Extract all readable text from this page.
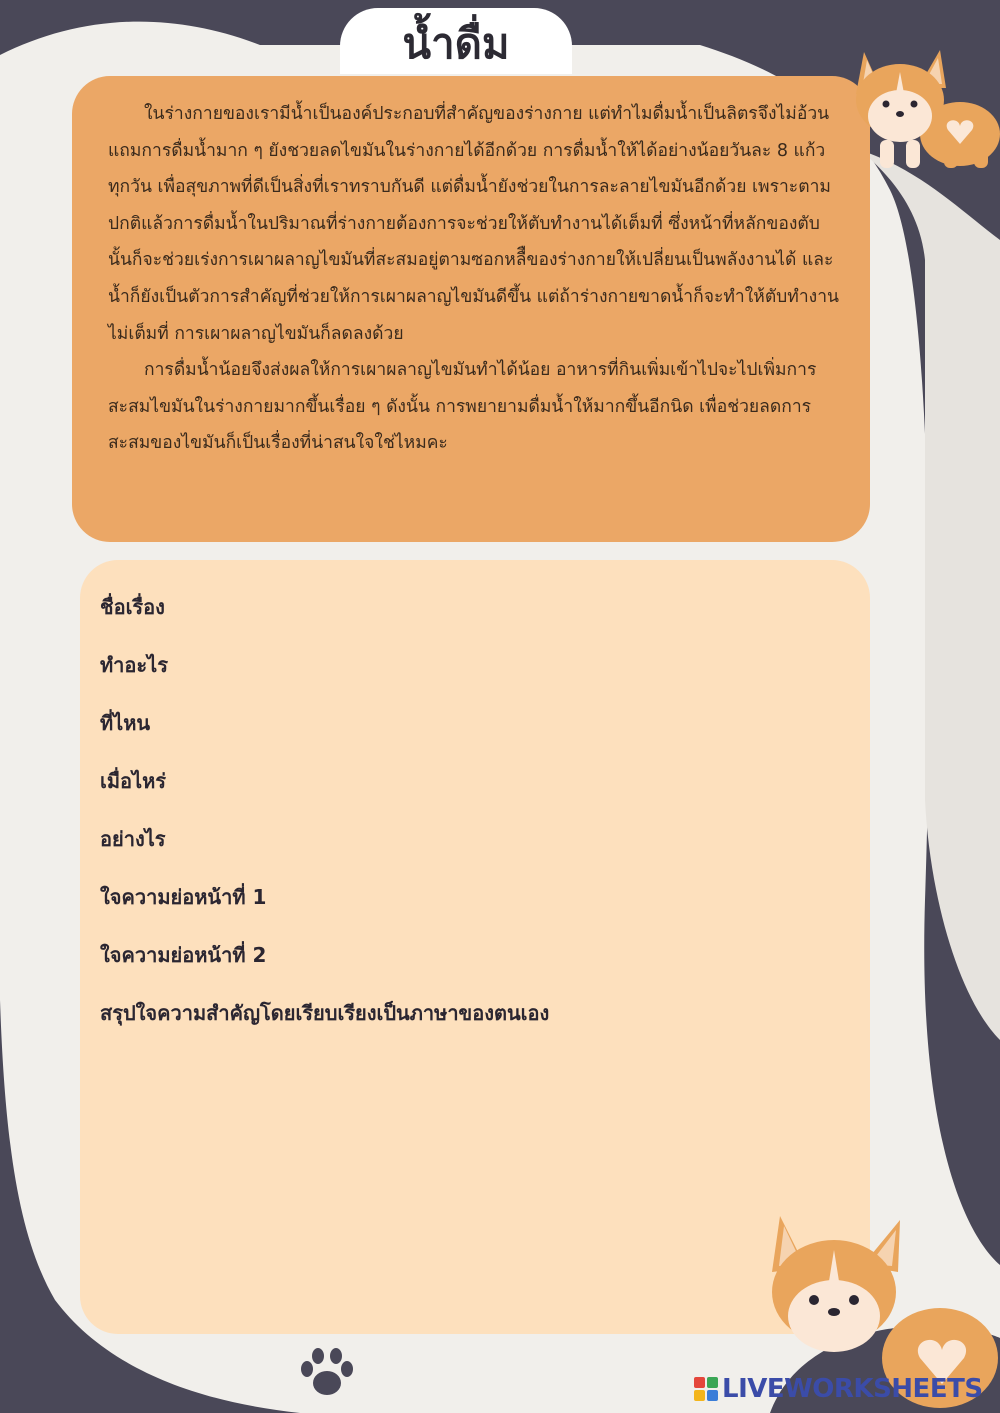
น้ำดื่ม

ในร่างกายของเรามีน้ำเป็นองค์ประกอบที่สำคัญของร่างกาย แต่ทำไมดื่มน้ำเป็นลิตรจึงไม่อ้วน แถมการดื่มน้ำมาก ๆ ยังชวยลดไขมันในร่างกายได้อีกด้วย การดื่มน้ำให้ได้อย่างน้อยวันละ 8 แก้วทุกวัน เพื่อสุขภาพที่ดีเป็นสิ่งที่เราทราบกันดี แต่ดื่มน้ำยังช่วยในการละลายไขมันอีกด้วย เพราะตามปกติแล้วการดื่มน้ำในปริมาณที่ร่างกายต้องการจะช่วยให้ตับทำงานได้เต็มที่ ซึ่งหน้าที่หลักของตับนั้นก็จะช่วยเร่งการเผาผลาญไขมันที่สะสมอยู่ตามซอกหลืืของร่างกายให้เปลี่ยนเป็นพลังงานได้ และน้ำก็ยังเป็นตัวการสำคัญที่ช่วยให้การเผาผลาญไขมันดีขึ้น แต่ถ้าร่างกายขาดน้ำก็จะทำให้ตับทำงานไม่เต็มที่ การเผาผลาญไขมันก็ลดลงด้วย

การดื่มน้ำน้อยจึงส่งผลให้การเผาผลาญไขมันทำได้น้อย อาหารที่กินเพิ่มเข้าไปจะไปเพิ่มการสะสมไขมันในร่างกายมากขึ้นเรื่อย ๆ ดังนั้น การพยายามดื่มน้ำให้มากขึ้นอีกนิด เพื่อช่วยลดการสะสมของไขมันก็เป็นเรื่องที่น่าสนใจใช่ไหมคะ

ชื่อเรื่อง
ทำอะไร
ที่ไหน
เมื่อไหร่
อย่างไร
ใจความย่อหน้าที่ 1
ใจความย่อหน้าที่ 2
สรุปใจความสำคัญโดยเรียบเรียงเป็นภาษาของตนเอง
LIVEWORKSHEETS
